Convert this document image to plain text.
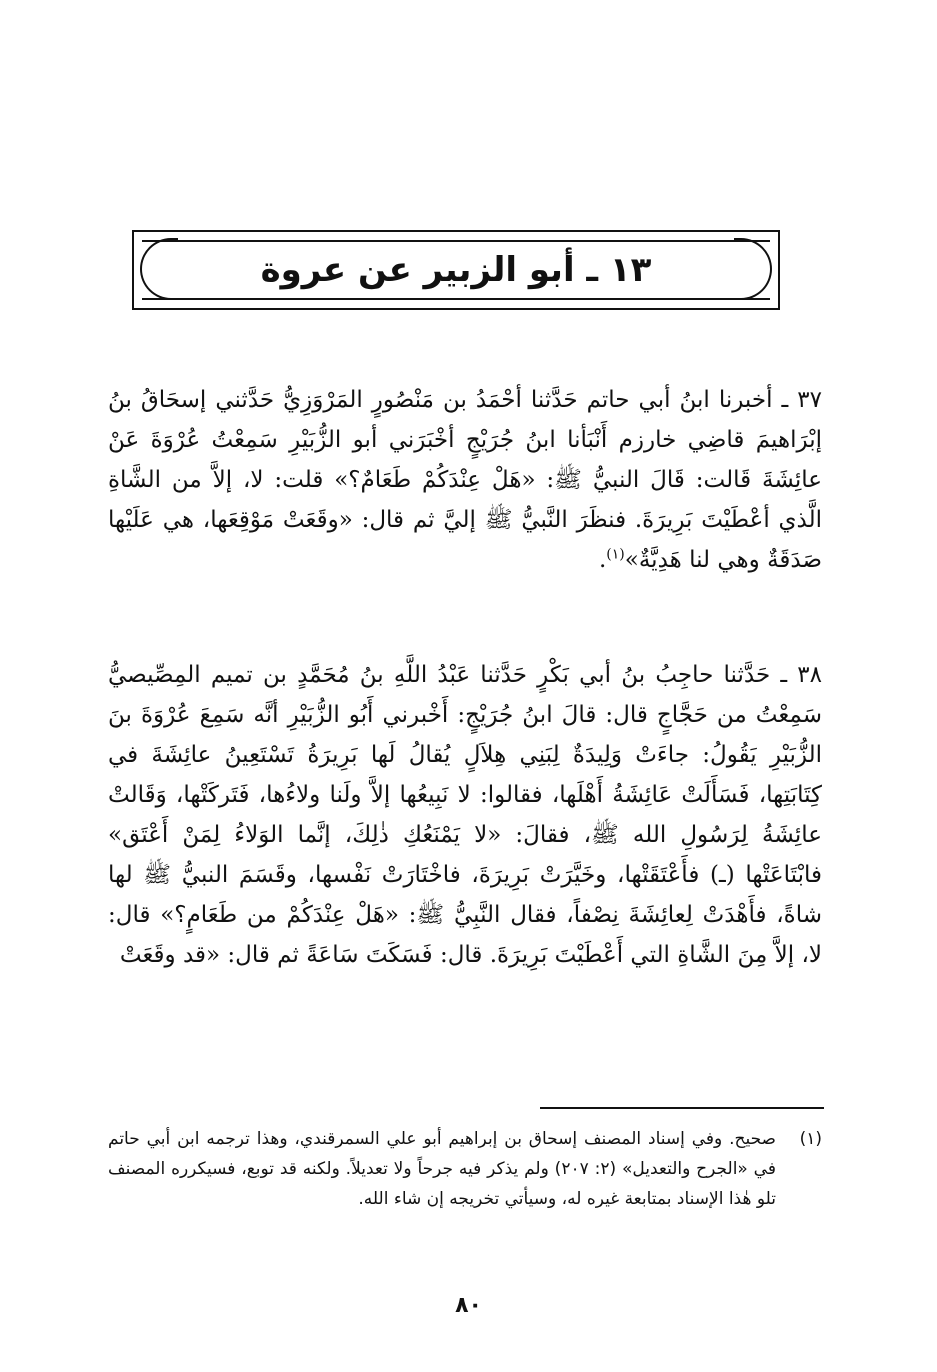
١٣ ـ أبو الزبير عن عروة
٣٧ ـ أخبرنا ابنُ أبي حاتم حَدَّثنا أحْمَدُ بن مَنْصُورٍ المَرْوَزِيُّ حَدَّثني إسحَاقُ بنُ إبْرَاهيمَ قاضِي خارزم أَنْبَأنا ابنُ جُرَيْجٍ أخْبَرَني أبو الزُّبَيْرِ سَمِعْتُ عُرْوَةَ عَنْ عائِشَةَ قَالت: قَالَ النبيُّ ﷺ: «هَلْ عِنْدَكُمْ طَعَامٌ؟» قلت: لا، إلاَّ من الشَّاةِ الَّذي أعْطَيْتَ بَرِيرَةَ. فنظَرَ النَّبيُّ ﷺ إليَّ ثم قال: «وقَعَتْ مَوْقِعَها، هي عَلَيْها صَدَقَةٌ وهي لنا هَدِيَّةٌ»$^{(١)}$.
٣٨ ـ حَدَّثنا حاجِبُ بنُ أبي بَكْرٍ حَدَّثنا عَبْدُ اللَّهِ بنُ مُحَمَّدٍ بن تميم المِصِّيصيُّ سَمِعْتُ من حَجَّاجٍ قال: قالَ ابنُ جُرَيْجٍ: أَخْبرني أَبُو الزُّبَيْرِ أنَّه سَمِعَ عُرْوَةَ بنَ الزُّبَيْرِ يَقُولُ: جاءَتْ وَلِيدَةٌ لِبَنِي هِلاَلٍ يُقالُ لَها بَرِيرَةُ تَسْتَعِينُ عائِشَةَ في كِتَابَتِها، فَسَأَلَتْ عَائِشَةُ أَهْلَها، فقالوا: لا نَبِيعُها إلاَّ ولَنا ولاءُها، فَتَركَتْها، وَقَالتْ عائِشَةُ لِرَسُولِ الله ﷺ، فقالَ: «لا يَمْنَعُكِ ذٰلِكَ، إنَّما الوَلاءُ لِمَنْ أَعْتَق» فابْتَاعَتْها (ـ) فأَعْتَقَتْها، وخَيَّرَتْ بَرِيرَةَ، فاخْتَارَتْ نَفْسها، وقَسَمَ النبيُّ ﷺ لها شاةً، فأَهْدَتْ لِعائِشَةَ نِصْفاً، فقال النَّبِيُّ ﷺ: «هَلْ عِنْدَكُمْ من طَعَامٍ؟» قال: لا، إلاَّ مِنَ الشَّاةِ التي أَعْطَيْتَ بَرِيرَةَ. قال: فَسَكَتَ سَاعَةً ثم قال: «قد وقَعَتْ
(١)
صحيح. وفي إسناد المصنف إسحاق بن إبراهيم أبو علي السمرقندي، وهذا ترجمه ابن أبي حاتم في «الجرح والتعديل» (٢: ٢٠٧) ولم يذكر فيه جرحاً ولا تعديلاً. ولكنه قد توبع، فسيكرره المصنف تلو هٰذا الإسناد بمتابعة غيره له، وسيأتي تخريجه إن شاء الله.
٨٠
